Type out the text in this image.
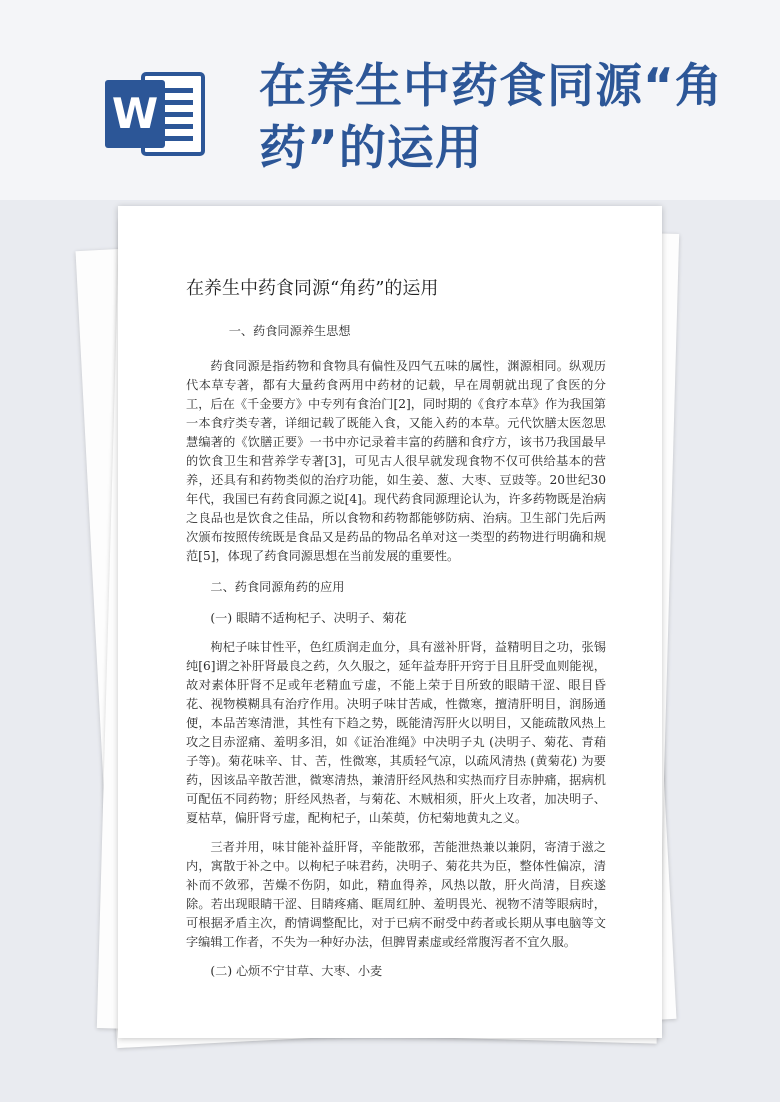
W 在养生中药食同源“角药”的运用
在养生中药食同源“角药”的运用

一、药食同源养生思想

药食同源是指药物和食物具有偏性及四气五味的属性，渊源相同。纵观历代本草专著，都有大量药食两用中药材的记载，早在周朝就出现了食医的分工，后在《千金要方》中专列有食治门[2]，同时期的《食疗本草》作为我国第一本食疗类专著，详细记载了既能入食，又能入药的本草。元代饮膳太医忽思慧编著的《饮膳正要》一书中亦记录着丰富的药膳和食疗方，该书乃我国最早的饮食卫生和营养学专著[3]，可见古人很早就发现食物不仅可供给基本的营养，还具有和药物类似的治疗功能，如生姜、葱、大枣、豆豉等。20世纪30年代，我国已有药食同源之说[4]。现代药食同源理论认为，许多药物既是治病之良品也是饮食之佳品，所以食物和药物都能够防病、治病。卫生部门先后两次颁布按照传统既是食品又是药品的物品名单对这一类型的药物进行明确和规范[5]，体现了药食同源思想在当前发展的重要性。

二、药食同源角药的应用

(一) 眼睛不适枸杞子、决明子、菊花

枸杞子味甘性平，色红质润走血分，具有滋补肝肾，益精明目之功，张锡纯[6]谓之补肝肾最良之药，久久服之，延年益寿肝开窍于目且肝受血则能视，故对素体肝肾不足或年老精血亏虚，不能上荣于目所致的眼睛干涩、眼目昏花、视物模糊具有治疗作用。决明子味甘苦咸，性微寒，擅清肝明目，润肠通便，本品苦寒清泄，其性有下趋之势，既能清泻肝火以明目，又能疏散风热上攻之目赤涩痛、羞明多泪，如《证治准绳》中决明子丸 (决明子、菊花、青葙子等)。菊花味辛、甘、苦，性微寒，其质轻气凉，以疏风清热 (黄菊花) 为要药，因该品辛散苦泄，微寒清热，兼清肝经风热和实热而疗目赤肿痛，据病机可配伍不同药物；肝经风热者，与菊花、木贼相须，肝火上攻者，加决明子、夏枯草，偏肝肾亏虚，配枸杞子，山茱萸，仿杞菊地黄丸之义。

三者并用，味甘能补益肝肾，辛能散邪，苦能泄热兼以兼阴，寄清于滋之内，寓散于补之中。以枸杞子味君药，决明子、菊花共为臣，整体性偏凉，清补而不敛邪，苦燥不伤阴，如此，精血得养，风热以散，肝火尚清，目疾遂除。若出现眼睛干涩、目睛疼痛、眶周红肿、羞明畏光、视物不清等眼病时，可根据矛盾主次，酌情调整配比，对于已病不耐受中药者或长期从事电脑等文字编辑工作者，不失为一种好办法，但脾胃素虚或经常腹泻者不宜久服。

(二) 心烦不宁甘草、大枣、小麦
